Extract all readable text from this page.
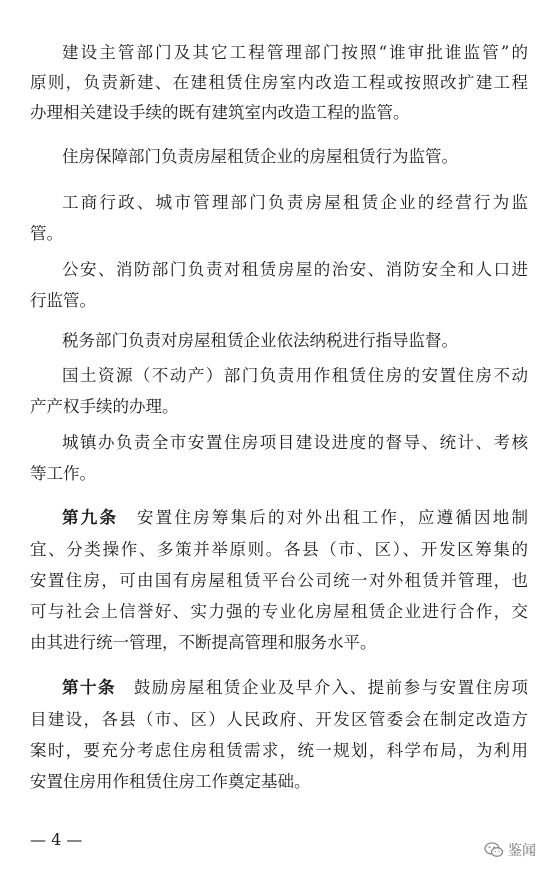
建设主管部门及其它工程管理部门按照“谁审批谁监管”的
原则，负责新建、在建租赁住房室内改造工程或按照改扩建工程
办理相关建设手续的既有建筑室内改造工程的监管。
住房保障部门负责房屋租赁企业的房屋租赁行为监管。
工商行政、城市管理部门负责房屋租赁企业的经营行为监
管。
公安、消防部门负责对租赁房屋的治安、消防安全和人口进
行监管。
税务部门负责对房屋租赁企业依法纳税进行指导监督。
国土资源（不动产）部门负责用作租赁住房的安置住房不动
产产权手续的办理。
城镇办负责全市安置住房项目建设进度的督导、统计、考核
等工作。
第九条  安置住房筹集后的对外出租工作，应遵循因地制
宜、分类操作、多策并举原则。各县（市、区）、开发区筹集的
安置住房，可由国有房屋租赁平台公司统一对外租赁并管理，也
可与社会上信誉好、实力强的专业化房屋租赁企业进行合作，交
由其进行统一管理，不断提高管理和服务水平。
第十条  鼓励房屋租赁企业及早介入、提前参与安置住房项
目建设，各县（市、区）人民政府、开发区管委会在制定改造方
案时，要充分考虑住房租赁需求，统一规划，科学布局，为利用
安置住房用作租赁住房工作奠定基础。
— 4 —
鉴闻
